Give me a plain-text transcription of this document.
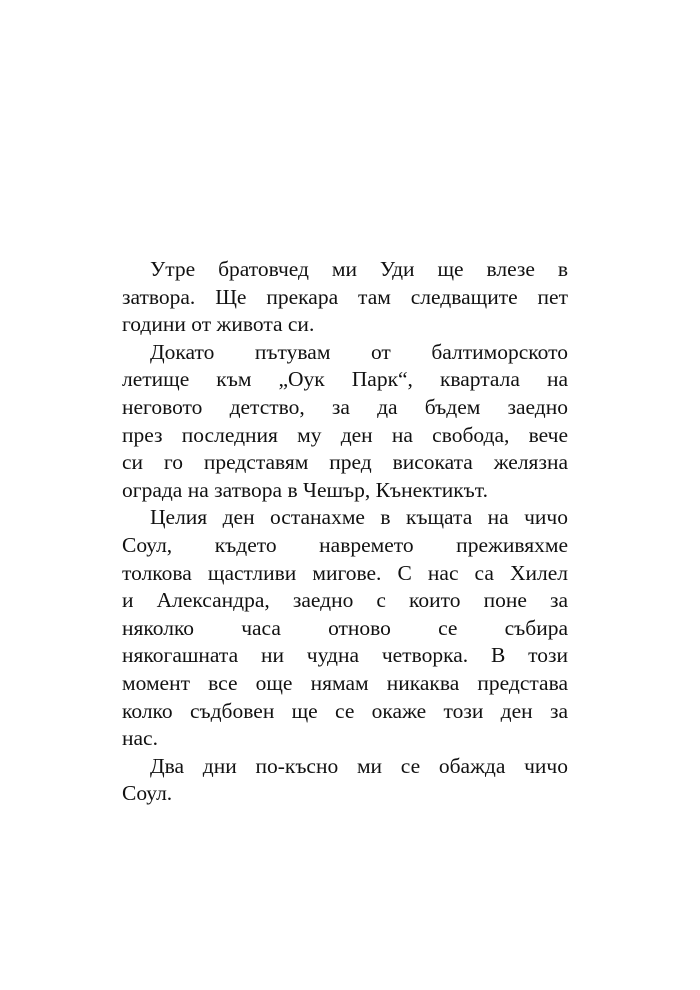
Утре братовчед ми Уди ще влезе в
затвора. Ще прекара там следващите пет
години от живота си.
Докато пътувам от балтиморското
летище към „Оук Парк“, квартала на
неговото детство, за да бъдем заедно
през последния му ден на свобода, вече
си го представям пред високата желязна
ограда на затвора в Чешър, Кънектикът.
Целия ден останахме в къщата на чичо
Соул, където навремето преживяхме
толкова щастливи мигове. С нас са Хилел
и Александра, заедно с които поне за
няколко часа отново се събира
някогашната ни чудна четворка. В този
момент все още нямам никаква представа
колко съдбовен ще се окаже този ден за
нас.
Два дни по-късно ми се обажда чичо
Соул.
